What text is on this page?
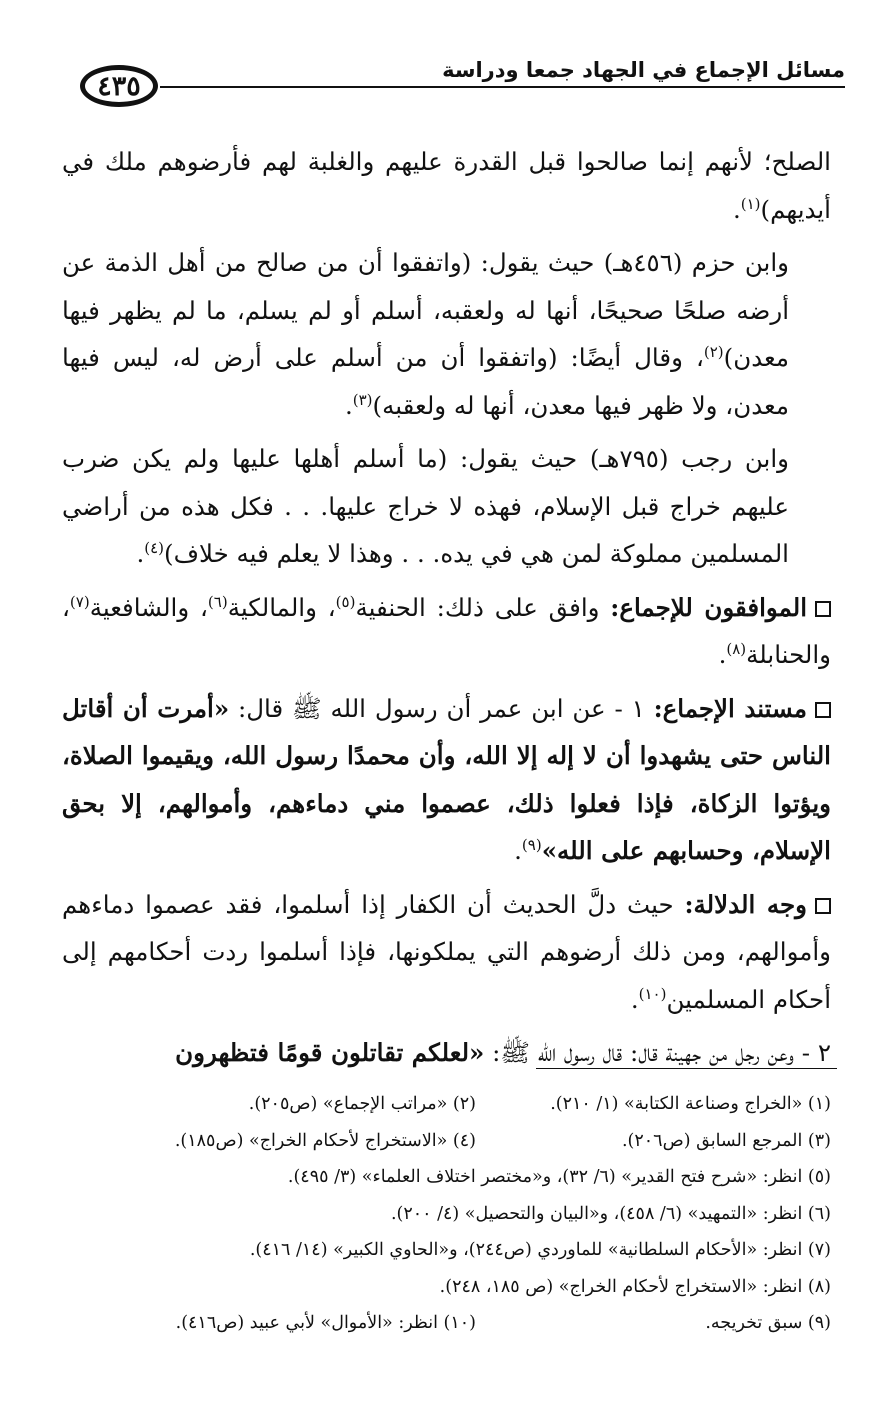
٤٣٥
مسائل الإجماع في الجهاد جمعا ودراسة

الصلح؛ لأنهم إنما صالحوا قبل القدرة عليهم والغلبة لهم فأرضوهم ملك في أيديهم)$^{(١)}$.

وابن حزم (٤٥٦هـ) حيث يقول: (واتفقوا أن من صالح من أهل الذمة عن أرضه صلحًا صحيحًا، أنها له ولعقبه، أسلم أو لم يسلم، ما لم يظهر فيها معدن)$^{(٢)}$، وقال أيضًا: (واتفقوا أن من أسلم على أرض له، ليس فيها معدن، ولا ظهر فيها معدن، أنها له ولعقبه)$^{(٣)}$.

وابن رجب (٧٩٥هـ) حيث يقول: (ما أسلم أهلها عليها ولم يكن ضرب عليهم خراج قبل الإسلام، فهذه لا خراج عليها. . . فكل هذه من أراضي المسلمين مملوكة لمن هي في يده. . . وهذا لا يعلم فيه خلاف)$^{(٤)}$.

الموافقون للإجماع: وافق على ذلك: الحنفية$^{(٥)}$، والمالكية$^{(٦)}$، والشافعية$^{(٧)}$، والحنابلة$^{(٨)}$.

مستند الإجماع: ١ - عن ابن عمر أن رسول الله ﷺ قال: «أمرت أن أقاتل الناس حتى يشهدوا أن لا إله إلا الله، وأن محمدًا رسول الله، ويقيموا الصلاة، ويؤتوا الزكاة، فإذا فعلوا ذلك، عصموا مني دماءهم، وأموالهم، إلا بحق الإسلام، وحسابهم على الله»$^{(٩)}$.

وجه الدلالة: حيث دلَّ الحديث أن الكفار إذا أسلموا، فقد عصموا دماءهم وأموالهم، ومن ذلك أرضوهم التي يملكونها، فإذا أسلموا ردت أحكامهم إلى أحكام المسلمين$^{(١٠)}$.

٢ - وعن رجل من جهينة قال: قال رسول الله ﷺ: «لعلكم تقاتلون قومًا فتظهرون

(١) «الخراج وصناعة الكتابة» (١/ ٢١٠).
(٢) «مراتب الإجماع» (ص٢٠٥).
(٣) المرجع السابق (ص٢٠٦).
(٤) «الاستخراج لأحكام الخراج» (ص١٨٥).
(٥) انظر: «شرح فتح القدير» (٦/ ٣٢)، و«مختصر اختلاف العلماء» (٣/ ٤٩٥).
(٦) انظر: «التمهيد» (٦/ ٤٥٨)، و«البيان والتحصيل» (٤/ ٢٠٠).
(٧) انظر: «الأحكام السلطانية» للماوردي (ص٢٤٤)، و«الحاوي الكبير» (١٤/ ٤١٦).
(٨) انظر: «الاستخراج لأحكام الخراج» (ص ١٨٥، ٢٤٨).
(٩) سبق تخريجه.
(١٠) انظر: «الأموال» لأبي عبيد (ص٤١٦).
